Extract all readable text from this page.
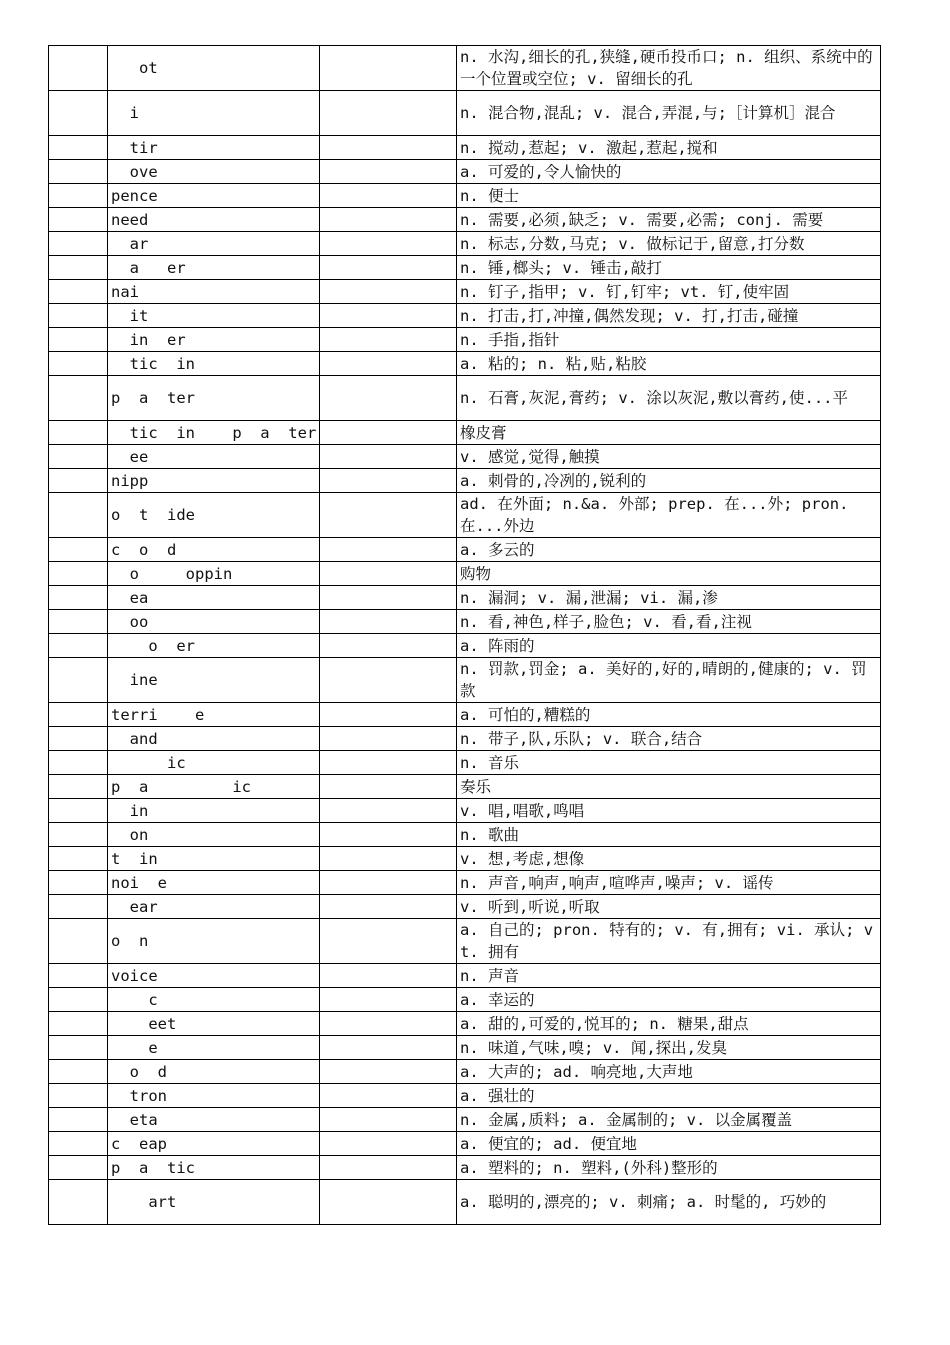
	ot		n. 水沟,细长的孔,狭缝,硬币投币口; n. 组织、系统中的一个位置或空位; v. 留细长的孔
	i		n. 混合物,混乱; v. 混合,弄混,与;［计算机］混合
	tir		n. 搅动,惹起; v. 激起,惹起,搅和
	ove		a. 可爱的,令人愉快的
	pence		n. 便士
	need		n. 需要,必须,缺乏; v. 需要,必需; conj. 需要
	ar		n. 标志,分数,马克; v. 做标记于,留意,打分数
	a   er		n. 锤,榔头; v. 锤击,敲打
	nai		n. 钉子,指甲; v. 钉,钉牢; vt. 钉,使牢固
	it		n. 打击,打,冲撞,偶然发现; v. 打,打击,碰撞
	in  er		n. 手指,指针
	tic  in		a. 粘的; n. 粘,贴,粘胶
	p  a  ter		n. 石膏,灰泥,膏药; v. 涂以灰泥,敷以膏药,使...平
	tic  in    p  a  ter		橡皮膏
	ee		v. 感觉,觉得,触摸
	nipp		a. 刺骨的,冷冽的,锐利的
	o  t  ide		ad. 在外面; n.&a. 外部; prep. 在...外; pron. 在...外边
	c  o  d		a. 多云的
	o     oppin		购物
	ea		n. 漏洞; v. 漏,泄漏; vi. 漏,渗
	oo		n. 看,神色,样子,脸色; v. 看,看,注视
	o  er		a. 阵雨的
	ine		n. 罚款,罚金; a. 美好的,好的,晴朗的,健康的; v. 罚款
	terri    e		a. 可怕的,糟糕的
	and		n. 带子,队,乐队; v. 联合,结合
	ic		n. 音乐
	p  a         ic		奏乐
	in		v. 唱,唱歌,鸣唱
	on		n. 歌曲
	t  in		v. 想,考虑,想像
	noi  e		n. 声音,响声,响声,喧哗声,噪声; v. 谣传
	ear		v. 听到,听说,听取
	o  n		a. 自己的; pron. 特有的; v. 有,拥有; vi. 承认; vt. 拥有
	voice		n. 声音
	c		a. 幸运的
	eet		a. 甜的,可爱的,悦耳的; n. 糖果,甜点
	e		n. 味道,气味,嗅; v. 闻,探出,发臭
	o  d		a. 大声的; ad. 响亮地,大声地
	tron		a. 强壮的
	eta		n. 金属,质料; a. 金属制的; v. 以金属覆盖
	c  eap		a. 便宜的; ad. 便宜地
	p  a  tic		a. 塑料的; n. 塑料,(外科)整形的
	art		a. 聪明的,漂亮的; v. 刺痛; a. 时髦的, 巧妙的
